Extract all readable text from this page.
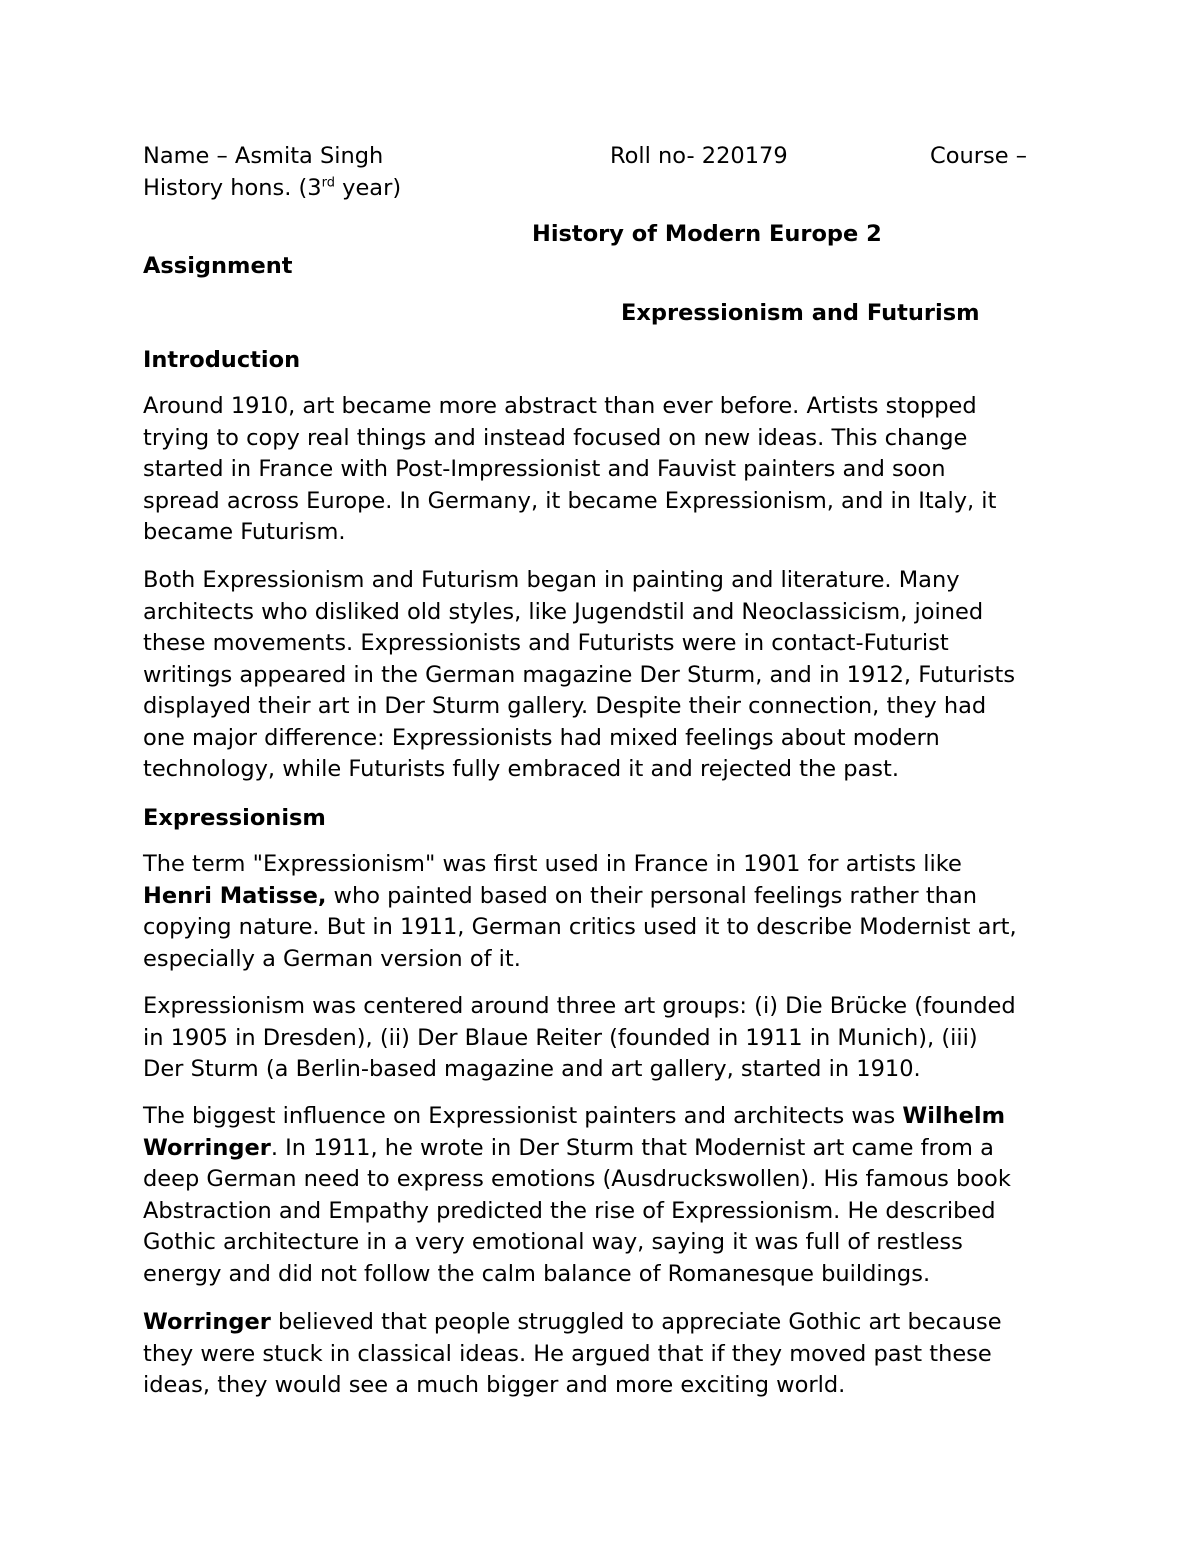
Name – Asmita Singh	Roll no- 220179	Course –
History hons. (3rd year)
History of Modern Europe 2
Assignment
Expressionism and Futurism
Introduction
Around 1910, art became more abstract than ever before. Artists stopped
trying to copy real things and instead focused on new ideas. This change
started in France with Post-Impressionist and Fauvist painters and soon
spread across Europe. In Germany, it became Expressionism, and in Italy, it
became Futurism.
Both Expressionism and Futurism began in painting and literature. Many
architects who disliked old styles, like Jugendstil and Neoclassicism, joined
these movements. Expressionists and Futurists were in contact-Futurist
writings appeared in the German magazine Der Sturm, and in 1912, Futurists
displayed their art in Der Sturm gallery. Despite their connection, they had
one major difference: Expressionists had mixed feelings about modern
technology, while Futurists fully embraced it and rejected the past.
Expressionism
The term "Expressionism" was first used in France in 1901 for artists like
Henri Matisse, who painted based on their personal feelings rather than
copying nature. But in 1911, German critics used it to describe Modernist art,
especially a German version of it.
Expressionism was centered around three art groups: (i) Die Brücke (founded
in 1905 in Dresden), (ii) Der Blaue Reiter (founded in 1911 in Munich), (iii)
Der Sturm (a Berlin-based magazine and art gallery, started in 1910.
The biggest influence on Expressionist painters and architects was Wilhelm
Worringer. In 1911, he wrote in Der Sturm that Modernist art came from a
deep German need to express emotions (Ausdruckswollen). His famous book
Abstraction and Empathy predicted the rise of Expressionism. He described
Gothic architecture in a very emotional way, saying it was full of restless
energy and did not follow the calm balance of Romanesque buildings.
Worringer believed that people struggled to appreciate Gothic art because
they were stuck in classical ideas. He argued that if they moved past these
ideas, they would see a much bigger and more exciting world.
